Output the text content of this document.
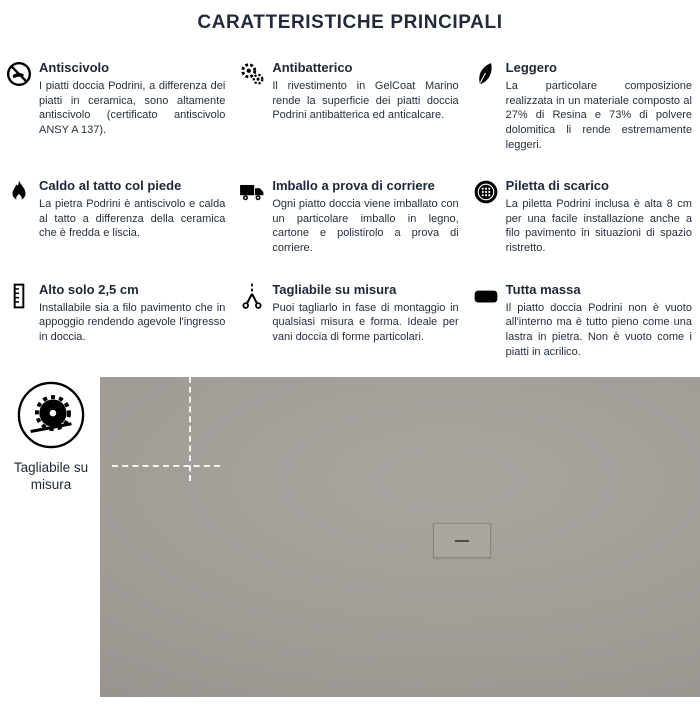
CARATTERISTICHE PRINCIPALI
Antiscivolo

I piatti doccia Podrini, a differenza dei piatti in ceramica, sono altamente antiscivolo (certificato antiscivolo ANSY A 137).

Antibatterico

Il rivestimento in GelCoat Marino rende la superficie dei piatti doccia Podrini antibatterica ed anticalcare.

Leggero

La particolare composizione realizzata in un materiale composto al 27% di Resina e 73% di polvere dolomitica li rende estremamente leggeri.

Caldo al tatto col piede

La pietra Podrini è antiscivolo e calda al tatto a differenza della ceramica che è fredda e liscia.

Imballo a prova di corriere

Ogni piatto doccia viene imballato con un particolare imballo in legno, cartone e polistirolo a prova di corriere.

Piletta di scarico

La piletta Podrini inclusa è alta 8 cm per una facile installazione anche a filo pavimento in situazioni di spazio ristretto.

Alto solo 2,5 cm

Installabile sia a filo pavimento che in appoggio rendendo agevole l'ingresso in doccia.

Tagliabile su misura

Puoi tagliarlo in fase di montaggio in qualsiasi misura e forma. Ideale per vani doccia di forme particolari.

Tutta massa

Il piatto doccia Podrini non è vuoto all'interno ma è tutto pieno come una lastra in pietra. Non è vuoto come i piatti in acrilico.

Tagliabile su misura
